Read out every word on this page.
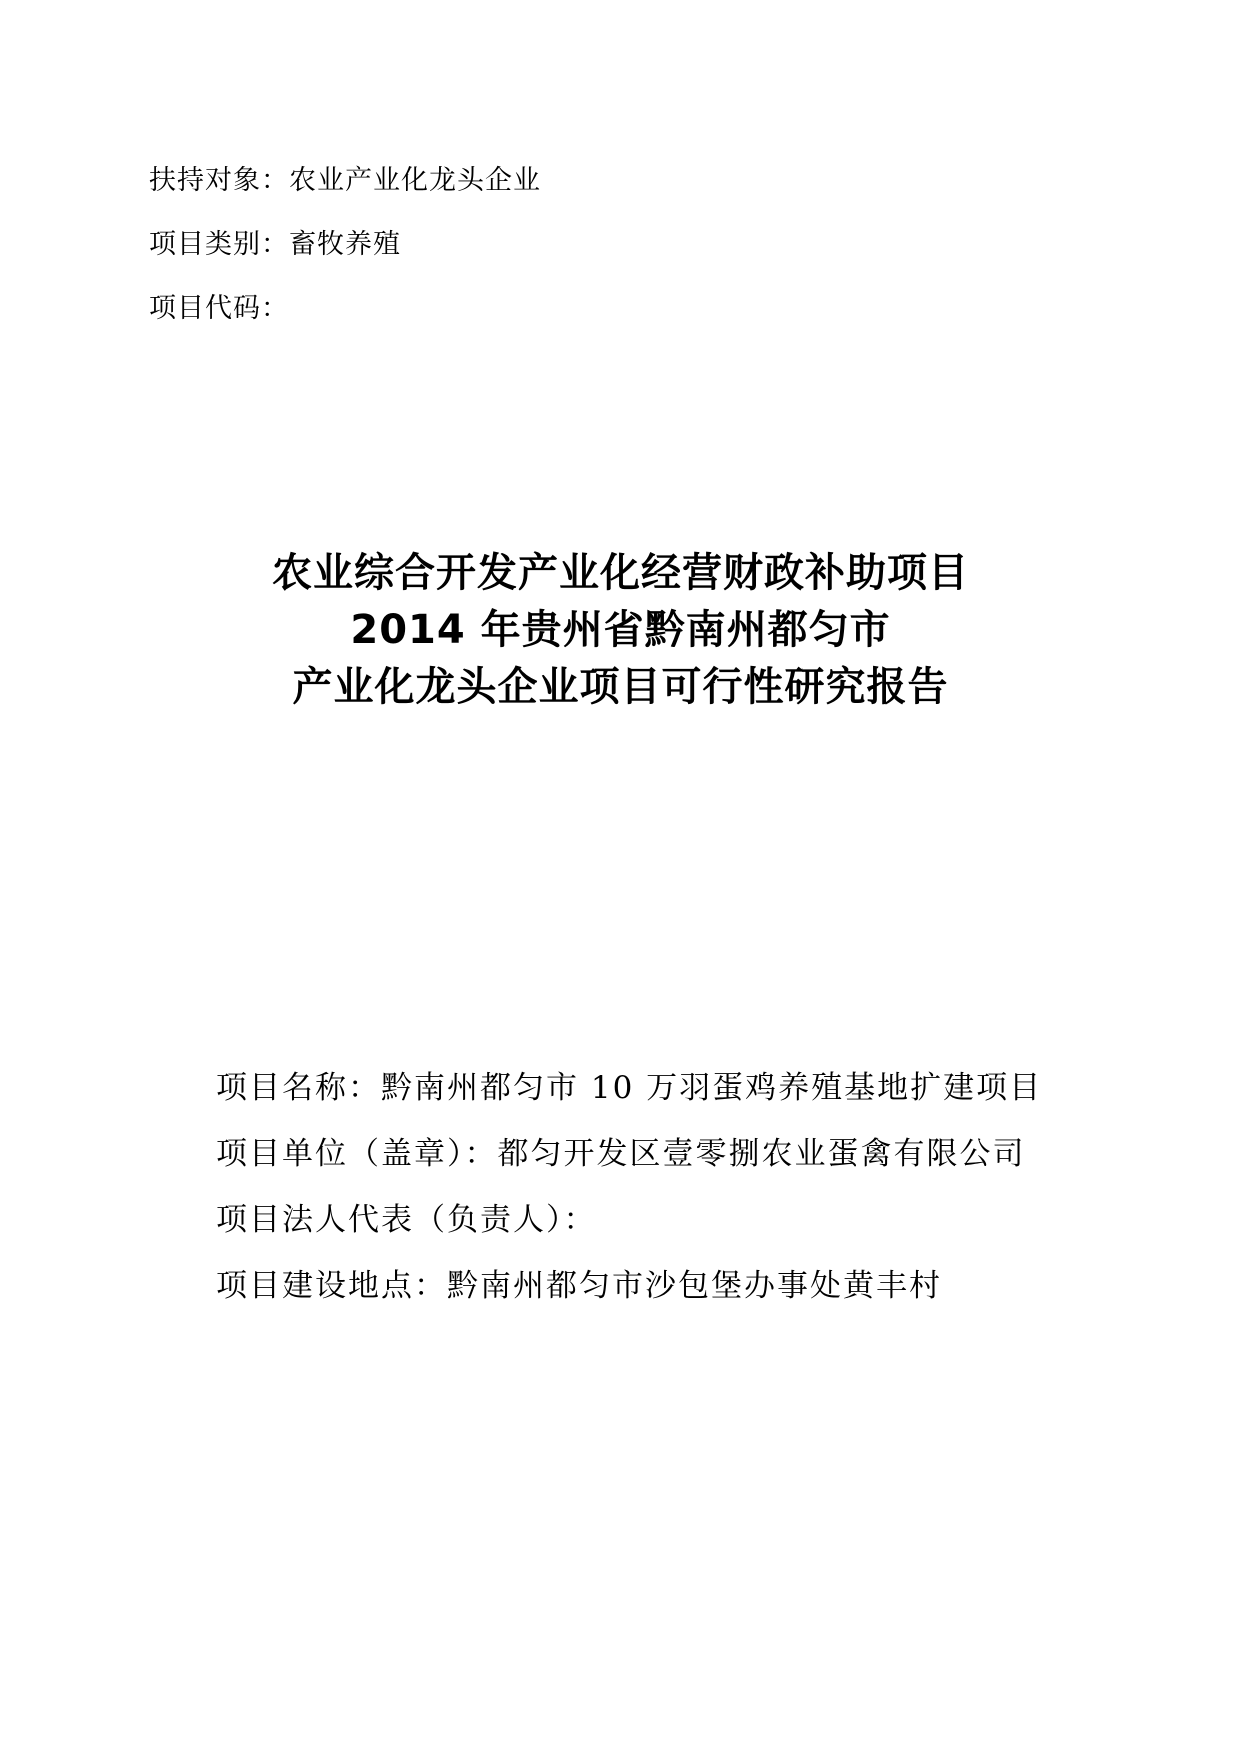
扶持对象：农业产业化龙头企业
项目类别：畜牧养殖
项目代码：
农业综合开发产业化经营财政补助项目
2014 年贵州省黔南州都匀市
产业化龙头企业项目可行性研究报告
项目名称：黔南州都匀市 10 万羽蛋鸡养殖基地扩建项目
项目单位（盖章）：都匀开发区壹零捌农业蛋禽有限公司
项目法人代表（负责人）：
项目建设地点：黔南州都匀市沙包堡办事处黄丰村
